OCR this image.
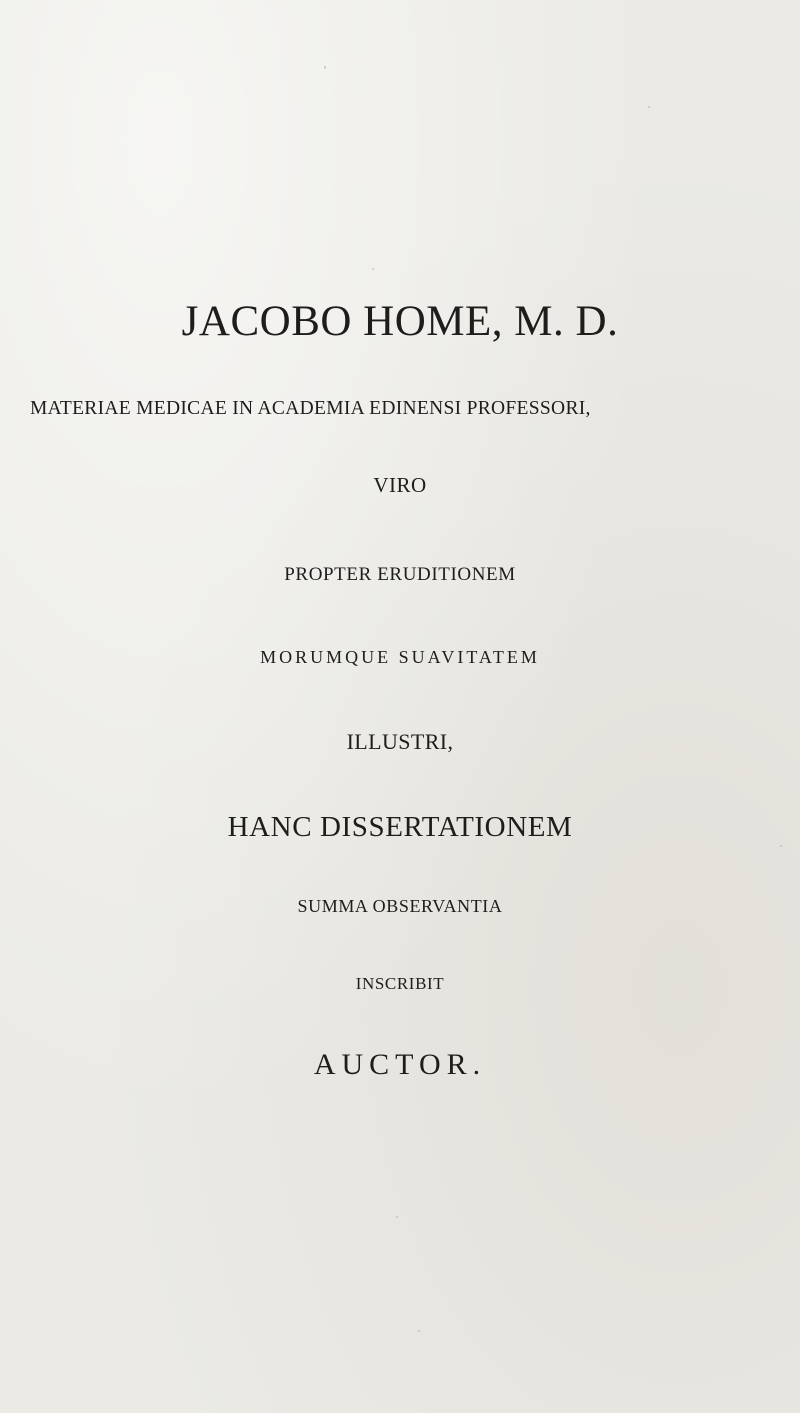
JACOBO HOME, M. D.
MATERIAE MEDICAE IN ACADEMIA EDINENSI PROFESSORI,
VIRO
PROPTER ERUDITIONEM
MORUMQUE SUAVITATEM
ILLUSTRI,
HANC DISSERTATIONEM
SUMMA OBSERVANTIA
INSCRIBIT
AUCTOR.
